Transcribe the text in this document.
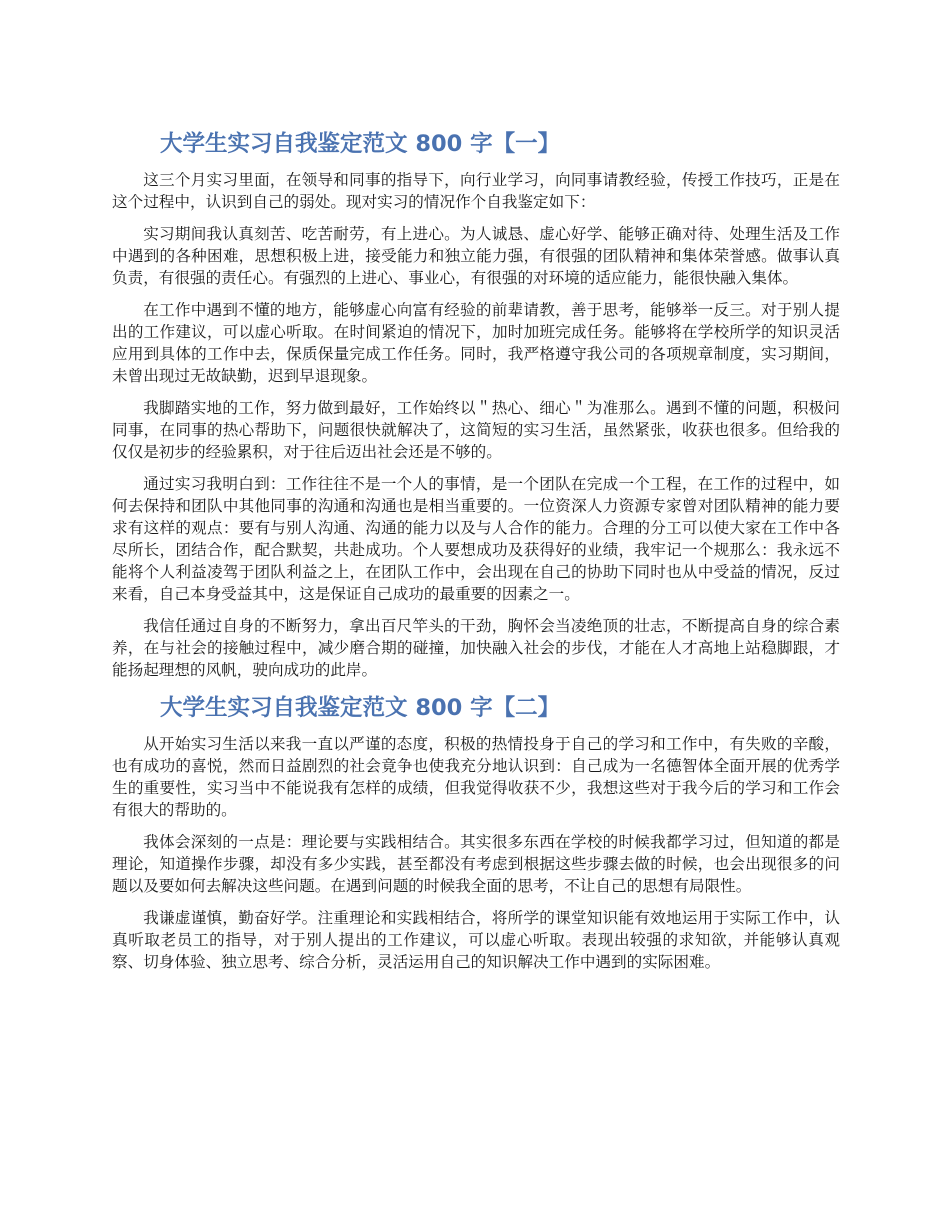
大学生实习自我鉴定范文 800 字【一】

这三个月实习里面，在领导和同事的指导下，向行业学习，向同事请教经验，传授工作技巧，正是在这个过程中，认识到自己的弱处。现对实习的情况作个自我鉴定如下：

实习期间我认真刻苦、吃苦耐劳，有上进心。为人诚恳、虚心好学、能够正确对待、处理生活及工作中遇到的各种困难，思想积极上进，接受能力和独立能力强，有很强的团队精神和集体荣誉感。做事认真负责，有很强的责任心。有强烈的上进心、事业心，有很强的对环境的适应能力，能很快融入集体。

在工作中遇到不懂的地方，能够虚心向富有经验的前辈请教，善于思考，能够举一反三。对于别人提出的工作建议，可以虚心听取。在时间紧迫的情况下，加时加班完成任务。能够将在学校所学的知识灵活应用到具体的工作中去，保质保量完成工作任务。同时，我严格遵守我公司的各项规章制度，实习期间，未曾出现过无故缺勤，迟到早退现象。

我脚踏实地的工作，努力做到最好，工作始终以＂热心、细心＂为准那么。遇到不懂的问题，积极问同事，在同事的热心帮助下，问题很快就解决了，这简短的实习生活，虽然紧张，收获也很多。但给我的仅仅是初步的经验累积，对于往后迈出社会还是不够的。

通过实习我明白到：工作往往不是一个人的事情，是一个团队在完成一个工程，在工作的过程中，如何去保持和团队中其他同事的沟通和沟通也是相当重要的。一位资深人力资源专家曾对团队精神的能力要求有这样的观点：要有与别人沟通、沟通的能力以及与人合作的能力。合理的分工可以使大家在工作中各尽所长，团结合作，配合默契，共赴成功。个人要想成功及获得好的业绩，我牢记一个规那么：我永远不能将个人利益凌驾于团队利益之上，在团队工作中，会出现在自己的协助下同时也从中受益的情况，反过来看，自己本身受益其中，这是保证自己成功的最重要的因素之一。

我信任通过自身的不断努力，拿出百尺竿头的干劲，胸怀会当凌绝顶的壮志，不断提高自身的综合素养，在与社会的接触过程中，减少磨合期的碰撞，加快融入社会的步伐，才能在人才高地上站稳脚跟，才能扬起理想的风帆，驶向成功的此岸。

大学生实习自我鉴定范文 800 字【二】

从开始实习生活以来我一直以严谨的态度，积极的热情投身于自己的学习和工作中，有失败的辛酸，也有成功的喜悦，然而日益剧烈的社会竟争也使我充分地认识到：自己成为一名德智体全面开展的优秀学生的重要性，实习当中不能说我有怎样的成绩，但我觉得收获不少，我想这些对于我今后的学习和工作会有很大的帮助的。

我体会深刻的一点是：理论要与实践相结合。其实很多东西在学校的时候我都学习过，但知道的都是理论，知道操作步骤，却没有多少实践，甚至都没有考虑到根据这些步骤去做的时候，也会出现很多的问题以及要如何去解决这些问题。在遇到问题的时候我全面的思考，不让自己的思想有局限性。

我谦虚谨慎，勤奋好学。注重理论和实践相结合，将所学的课堂知识能有效地运用于实际工作中，认真听取老员工的指导，对于别人提出的工作建议，可以虚心听取。表现出较强的求知欲，并能够认真观察、切身体验、独立思考、综合分析，灵活运用自己的知识解决工作中遇到的实际困难。
